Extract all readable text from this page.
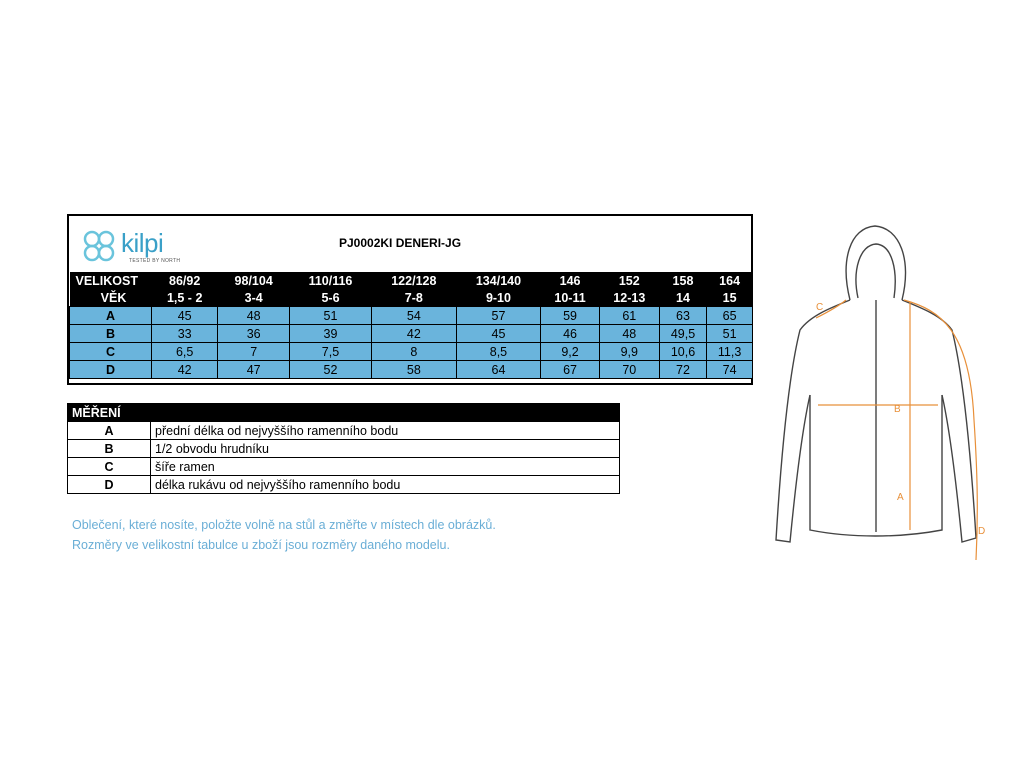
kilpi
TESTED BY NORTH
PJ0002KI DENERI-JG
VELIKOST	86/92	98/104	110/116	122/128	134/140	146	152	158	164
VĚK	1,5 - 2	3-4	5-6	7-8	9-10	10-11	12-13	14	15
A	45	48	51	54	57	59	61	63	65
B	33	36	39	42	45	46	48	49,5	51
C	6,5	7	7,5	8	8,5	9,2	9,9	10,6	11,3
D	42	47	52	58	64	67	70	72	74
MĚŘENÍ	
A	přední délka od nejvyššího ramenního bodu
B	1/2 obvodu hrudníku
C	šíře ramen
D	délka rukávu od nejvyššího ramenního bodu
Oblečení, které nosíte, položte volně na stůl a změřte v místech dle obrázků.
Rozměry ve velikostní tabulce u zboží jsou rozměry daného modelu.
C
B
A
D
